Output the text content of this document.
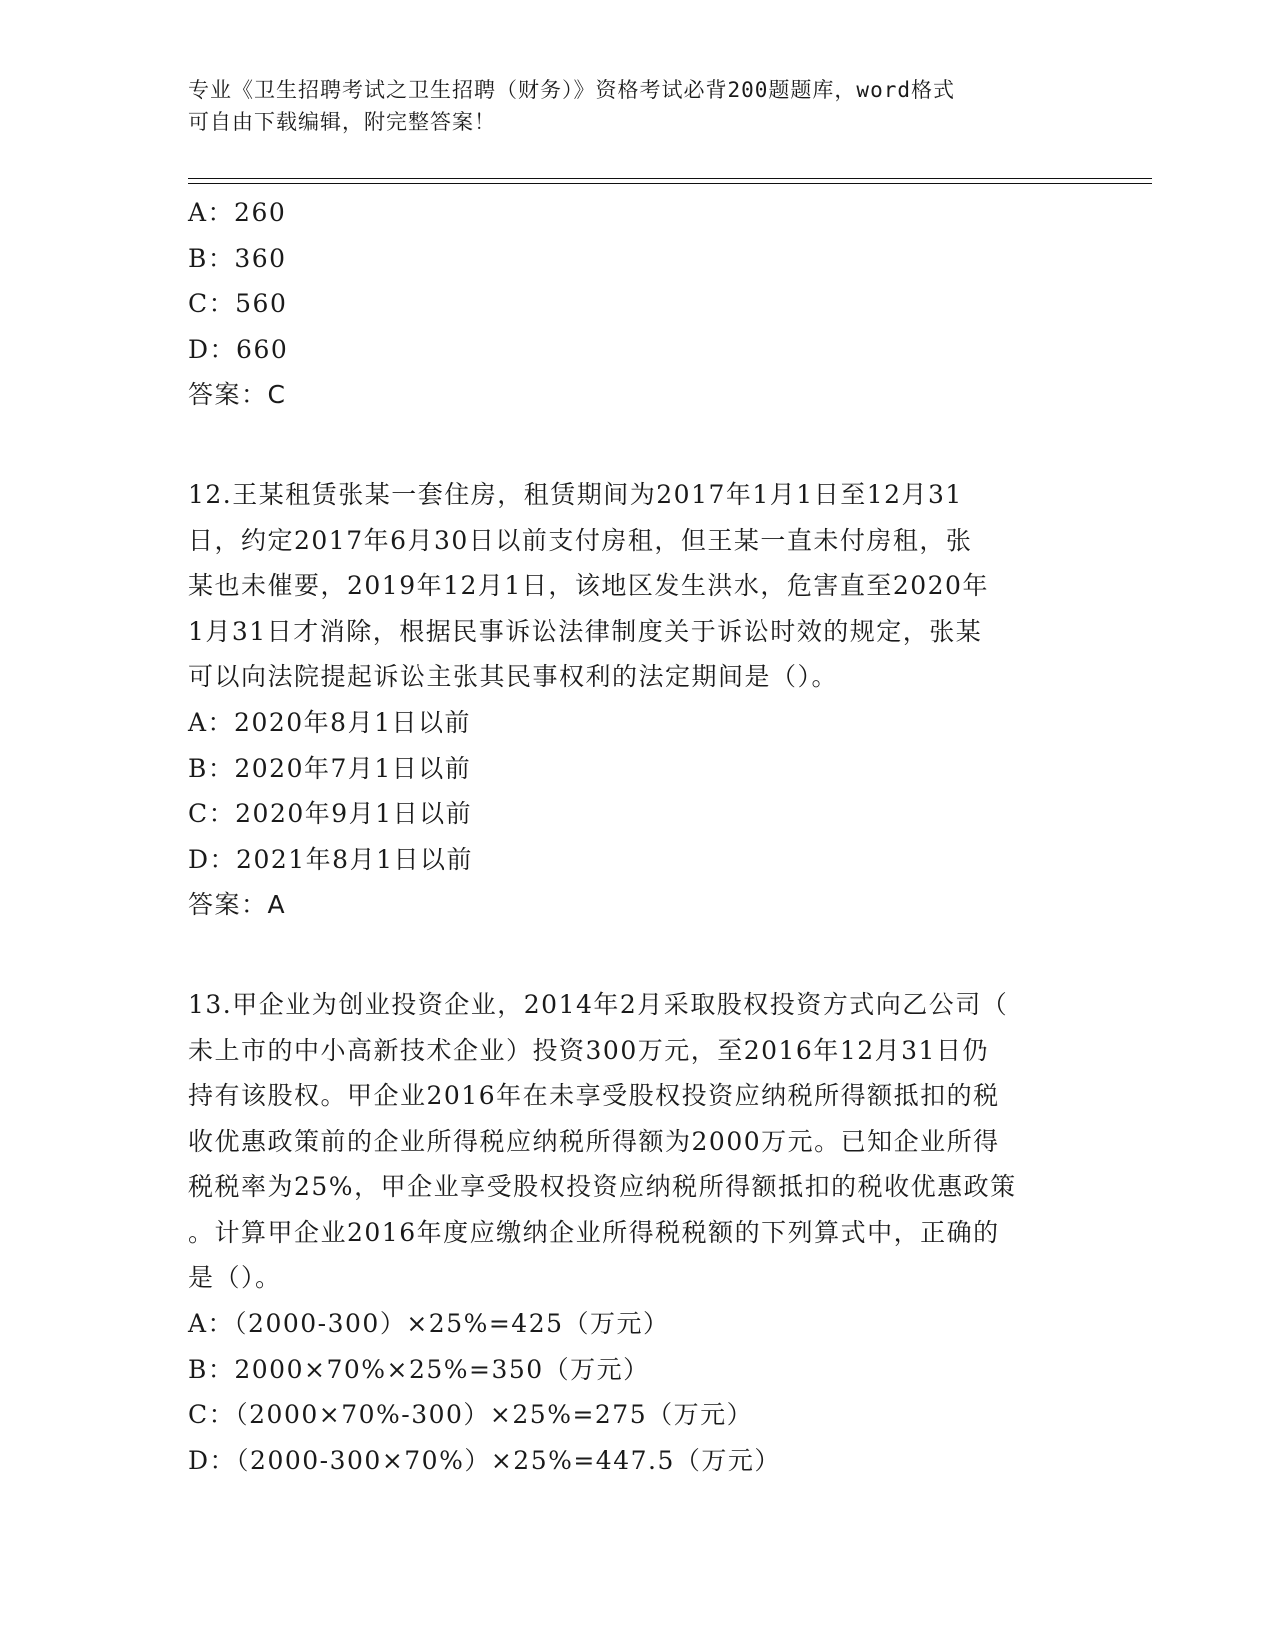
专业《卫生招聘考试之卫生招聘（财务）》资格考试必背200题题库，word格式

可自由下载编辑，附完整答案！

A：260
B：360
C：560
D：660
答案：C
12.王某租赁张某一套住房，租赁期间为2017年1月1日至12月31
日，约定2017年6月30日以前支付房租，但王某一直未付房租，张
某也未催要，2019年12月1日，该地区发生洪水，危害直至2020年
1月31日才消除，根据民事诉讼法律制度关于诉讼时效的规定，张某
可以向法院提起诉讼主张其民事权利的法定期间是（）。
A：2020年8月1日以前
B：2020年7月1日以前
C：2020年9月1日以前
D：2021年8月1日以前
答案：A
13.甲企业为创业投资企业，2014年2月采取股权投资方式向乙公司（
未上市的中小高新技术企业）投资300万元，至2016年12月31日仍
持有该股权。甲企业2016年在未享受股权投资应纳税所得额抵扣的税
收优惠政策前的企业所得税应纳税所得额为2000万元。已知企业所得
税税率为25%，甲企业享受股权投资应纳税所得额抵扣的税收优惠政策
。计算甲企业2016年度应缴纳企业所得税税额的下列算式中，正确的
是（）。
A：（2000-300）×25%=425（万元）
B：2000×70%×25%=350（万元）
C：（2000×70%-300）×25%=275（万元）
D：（2000-300×70%）×25%=447.5（万元）
